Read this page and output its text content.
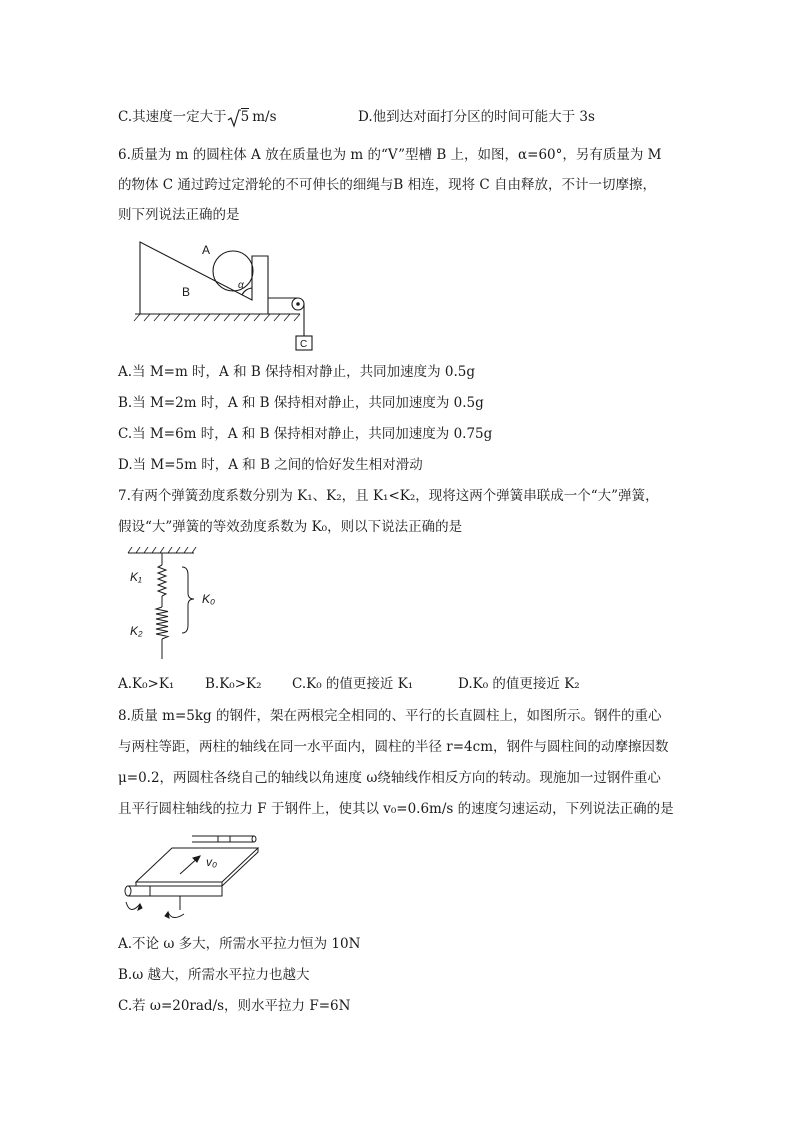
C.其速度一定大于 5 m/s	D.他到达对面打分区的时间可能大于 3s
6.质量为 m 的圆柱体 A 放在质量也为 m 的“V”型槽 B 上，如图，α=60°，另有质量为 M
的物体 C 通过跨过定滑轮的不可伸长的细绳与B 相连，现将 C 自由释放，不计一切摩擦，
则下列说法正确的是
A
B	α
C
A.当 M=m 时，A 和 B 保持相对静止，共同加速度为 0.5g
B.当 M=2m 时，A 和 B 保持相对静止，共同加速度为 0.5g
C.当 M=6m 时，A 和 B 保持相对静止，共同加速度为 0.75g
D.当 M=5m 时，A 和 B 之间的恰好发生相对滑动
7.有两个弹簧劲度系数分别为 K₁、K₂，且 K₁<K₂，现将这两个弹簧串联成一个“大”弹簧，
假设“大”弹簧的等效劲度系数为 K₀，则以下说法正确的是
K₁
K₂
K₀
A.K₀>K₁ B.K₀>K₂ C.K₀ 的值更接近 K₁	D.K₀ 的值更接近 K₂
8.质量 m=5kg 的钢件，架在两根完全相同的、平行的长直圆柱上，如图所示。钢件的重心
与两柱等距，两柱的轴线在同一水平面内，圆柱的半径 r=4cm，钢件与圆柱间的动摩擦因数
μ=0.2，两圆柱各绕自己的轴线以角速度 ω绕轴线作相反方向的转动。现施加一过钢件重心
且平行圆柱轴线的拉力 F 于钢件上，使其以 v₀=0.6m/s 的速度匀速运动，下列说法正确的是
v₀
A.不论 ω 多大，所需水平拉力恒为 10N
B.ω 越大，所需水平拉力也越大
C.若 ω=20rad/s，则水平拉力 F=6N
